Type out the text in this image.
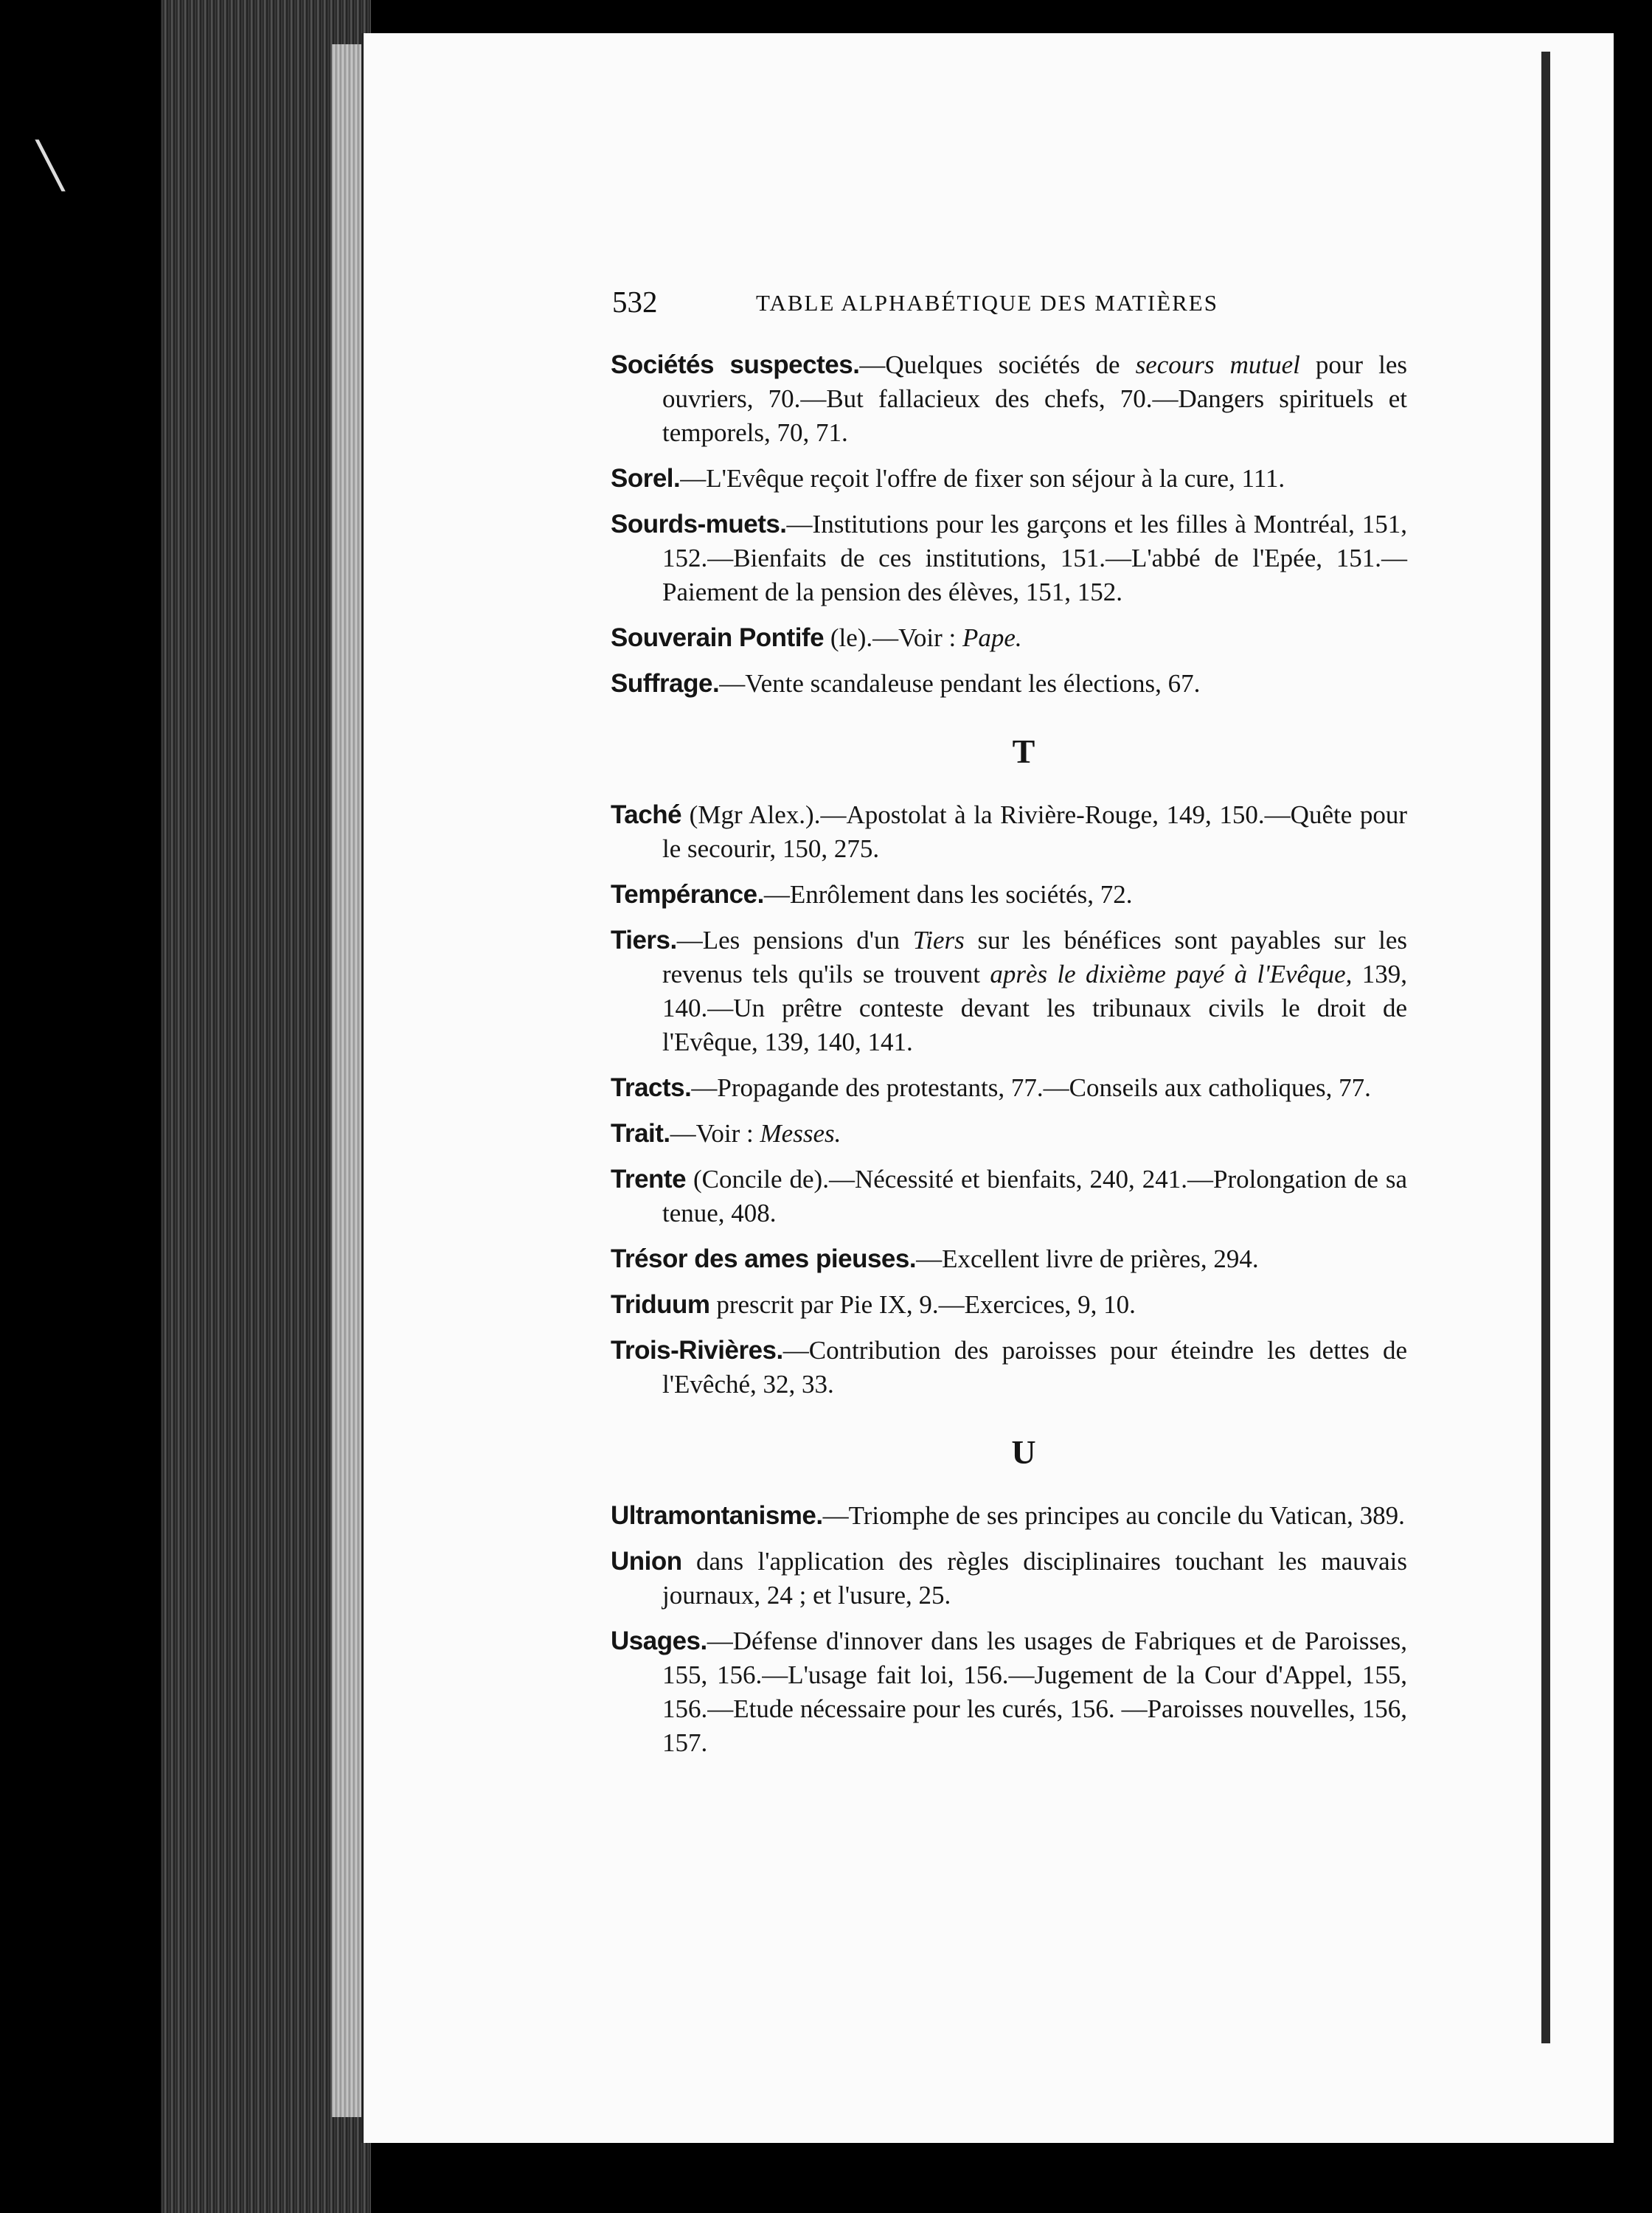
╲
532	TABLE ALPHABÉTIQUE DES MATIÈRES
Sociétés suspectes.—Quelques sociétés de secours mutuel pour les ouvriers, 70.—But fallacieux des chefs, 70.—Dangers spirituels et temporels, 70, 71.
Sorel.—L'Evêque reçoit l'offre de fixer son séjour à la cure, 111.
Sourds-muets.—Institutions pour les garçons et les filles à Montréal, 151, 152.—Bienfaits de ces institutions, 151.—L'abbé de l'Epée, 151.—Paiement de la pension des élèves, 151, 152.
Souverain Pontife (le).—Voir : Pape.
Suffrage.—Vente scandaleuse pendant les élections, 67.
T
Taché (Mgr Alex.).—Apostolat à la Rivière-Rouge, 149, 150.—Quête pour le secourir, 150, 275.
Tempérance.—Enrôlement dans les sociétés, 72.
Tiers.—Les pensions d'un Tiers sur les bénéfices sont payables sur les revenus tels qu'ils se trouvent après le dixième payé à l'Evêque, 139, 140.—Un prêtre conteste devant les tribunaux civils le droit de l'Evêque, 139, 140, 141.
Tracts.—Propagande des protestants, 77.—Conseils aux catholiques, 77.
Trait.—Voir : Messes.
Trente (Concile de).—Nécessité et bienfaits, 240, 241.—Prolongation de sa tenue, 408.
Trésor des ames pieuses.—Excellent livre de prières, 294.
Triduum prescrit par Pie IX, 9.—Exercices, 9, 10.
Trois-Rivières.—Contribution des paroisses pour éteindre les dettes de l'Evêché, 32, 33.
U
Ultramontanisme.—Triomphe de ses principes au concile du Vatican, 389.
Union dans l'application des règles disciplinaires touchant les mauvais journaux, 24 ; et l'usure, 25.
Usages.—Défense d'innover dans les usages de Fabriques et de Paroisses, 155, 156.—L'usage fait loi, 156.—Jugement de la Cour d'Appel, 155, 156.—Etude nécessaire pour les curés, 156. —Paroisses nouvelles, 156, 157.
